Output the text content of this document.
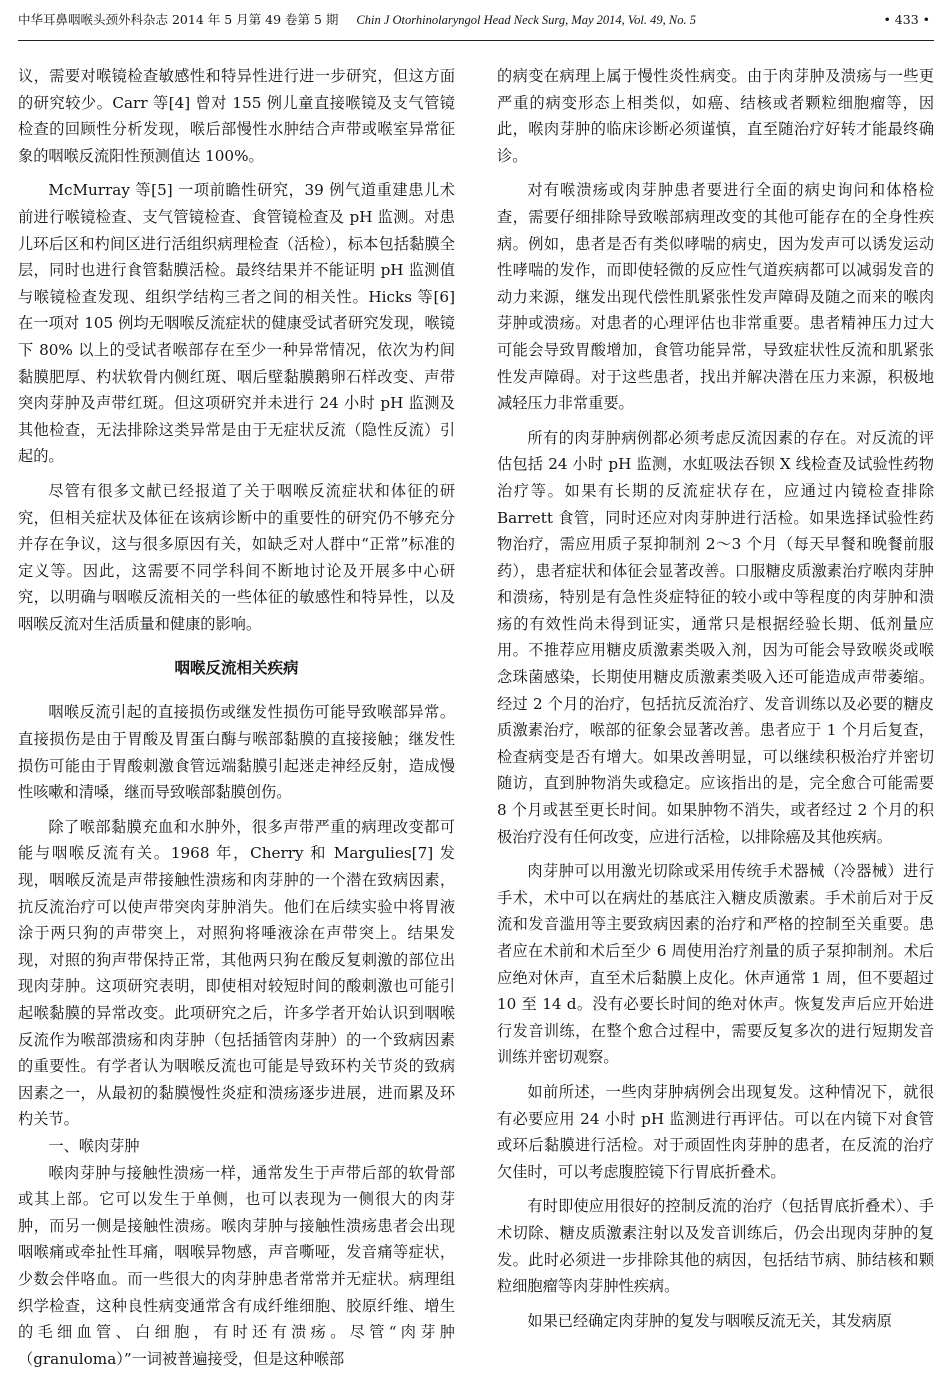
中华耳鼻咽喉头颈外科杂志 2014 年 5 月第 49 卷第 5 期 Chin J Otorhinolaryngol Head Neck Surg, May 2014, Vol. 49, No. 5	• 433 •

议，需要对喉镜检查敏感性和特异性进行进一步研究，但这方面的研究较少。Carr 等[4] 曾对 155 例儿童直接喉镜及支气管镜检查的回顾性分析发现，喉后部慢性水肿结合声带或喉室异常征象的咽喉反流阳性预测值达 100%。

McMurray 等[5] 一项前瞻性研究，39 例气道重建患儿术前进行喉镜检查、支气管镜检查、食管镜检查及 pH 监测。对患儿环后区和杓间区进行活组织病理检查（活检），标本包括黏膜全层，同时也进行食管黏膜活检。最终结果并不能证明 pH 监测值与喉镜检查发现、组织学结构三者之间的相关性。Hicks 等[6] 在一项对 105 例均无咽喉反流症状的健康受试者研究发现，喉镜下 80% 以上的受试者喉部存在至少一种异常情况，依次为杓间黏膜肥厚、杓状软骨内侧红斑、咽后壁黏膜鹅卵石样改变、声带突肉芽肿及声带红斑。但这项研究并未进行 24 小时 pH 监测及其他检查，无法排除这类异常是由于无症状反流（隐性反流）引起的。

尽管有很多文献已经报道了关于咽喉反流症状和体征的研究，但相关症状及体征在该病诊断中的重要性的研究仍不够充分并存在争议，这与很多原因有关，如缺乏对人群中“正常”标准的定义等。因此，这需要不同学科间不断地讨论及开展多中心研究，以明确与咽喉反流相关的一些体征的敏感性和特异性，以及咽喉反流对生活质量和健康的影响。

咽喉反流相关疾病

咽喉反流引起的直接损伤或继发性损伤可能导致喉部异常。直接损伤是由于胃酸及胃蛋白酶与喉部黏膜的直接接触；继发性损伤可能由于胃酸刺激食管远端黏膜引起迷走神经反射，造成慢性咳嗽和清嗓，继而导致喉部黏膜创伤。

除了喉部黏膜充血和水肿外，很多声带严重的病理改变都可能与咽喉反流有关。1968 年，Cherry 和 Margulies[7] 发现，咽喉反流是声带接触性溃疡和肉芽肿的一个潜在致病因素，抗反流治疗可以使声带突肉芽肿消失。他们在后续实验中将胃液涂于两只狗的声带突上，对照狗将唾液涂在声带突上。结果发现，对照的狗声带保持正常，其他两只狗在酸反复刺激的部位出现肉芽肿。这项研究表明，即使相对较短时间的酸刺激也可能引起喉黏膜的异常改变。此项研究之后，许多学者开始认识到咽喉反流作为喉部溃疡和肉芽肿（包括插管肉芽肿）的一个致病因素的重要性。有学者认为咽喉反流也可能是导致环杓关节炎的致病因素之一，从最初的黏膜慢性炎症和溃疡逐步进展，进而累及环杓关节。

一、喉肉芽肿

喉肉芽肿与接触性溃疡一样，通常发生于声带后部的软骨部或其上部。它可以发生于单侧，也可以表现为一侧很大的肉芽肿，而另一侧是接触性溃疡。喉肉芽肿与接触性溃疡患者会出现咽喉痛或牵扯性耳痛，咽喉异物感，声音嘶哑，发音痛等症状，少数会伴咯血。而一些很大的肉芽肿患者常常并无症状。病理组织学检查，这种良性病变通常含有成纤维细胞、胶原纤维、增生的毛细血管、白细胞，有时还有溃疡。尽管“肉芽肿（granuloma）”一词被普遍接受，但是这种喉部

的病变在病理上属于慢性炎性病变。由于肉芽肿及溃疡与一些更严重的病变形态上相类似，如癌、结核或者颗粒细胞瘤等，因此，喉肉芽肿的临床诊断必须谨慎，直至随治疗好转才能最终确诊。

对有喉溃疡或肉芽肿患者要进行全面的病史询问和体格检查，需要仔细排除导致喉部病理改变的其他可能存在的全身性疾病。例如，患者是否有类似哮喘的病史，因为发声可以诱发运动性哮喘的发作，而即使轻微的反应性气道疾病都可以减弱发音的动力来源，继发出现代偿性肌紧张性发声障碍及随之而来的喉肉芽肿或溃疡。对患者的心理评估也非常重要。患者精神压力过大可能会导致胃酸增加，食管功能异常，导致症状性反流和肌紧张性发声障碍。对于这些患者，找出并解决潜在压力来源，积极地减轻压力非常重要。

所有的肉芽肿病例都必须考虑反流因素的存在。对反流的评估包括 24 小时 pH 监测，水虹吸法吞钡 X 线检查及试验性药物治疗等。如果有长期的反流症状存在，应通过内镜检查排除 Barrett 食管，同时还应对肉芽肿进行活检。如果选择试验性药物治疗，需应用质子泵抑制剂 2～3 个月（每天早餐和晚餐前服药），患者症状和体征会显著改善。口服糖皮质激素治疗喉肉芽肿和溃疡，特别是有急性炎症特征的较小或中等程度的肉芽肿和溃疡的有效性尚未得到证实，通常只是根据经验长期、低剂量应用。不推荐应用糖皮质激素类吸入剂，因为可能会导致喉炎或喉念珠菌感染，长期使用糖皮质激素类吸入还可能造成声带萎缩。经过 2 个月的治疗，包括抗反流治疗、发音训练以及必要的糖皮质激素治疗，喉部的征象会显著改善。患者应于 1 个月后复查，检查病变是否有增大。如果改善明显，可以继续积极治疗并密切随访，直到肿物消失或稳定。应该指出的是，完全愈合可能需要 8 个月或甚至更长时间。如果肿物不消失，或者经过 2 个月的积极治疗没有任何改变，应进行活检，以排除癌及其他疾病。

肉芽肿可以用激光切除或采用传统手术器械（冷器械）进行手术，术中可以在病灶的基底注入糖皮质激素。手术前后对于反流和发音滥用等主要致病因素的治疗和严格的控制至关重要。患者应在术前和术后至少 6 周使用治疗剂量的质子泵抑制剂。术后应绝对休声，直至术后黏膜上皮化。休声通常 1 周，但不要超过 10 至 14 d。没有必要长时间的绝对休声。恢复发声后应开始进行发音训练，在整个愈合过程中，需要反复多次的进行短期发音训练并密切观察。

如前所述，一些肉芽肿病例会出现复发。这种情况下，就很有必要应用 24 小时 pH 监测进行再评估。可以在内镜下对食管或环后黏膜进行活检。对于顽固性肉芽肿的患者，在反流的治疗欠佳时，可以考虑腹腔镜下行胃底折叠术。

有时即使应用很好的控制反流的治疗（包括胃底折叠术）、手术切除、糖皮质激素注射以及发音训练后，仍会出现肉芽肿的复发。此时必须进一步排除其他的病因，包括结节病、肺结核和颗粒细胞瘤等肉芽肿性疾病。

如果已经确定肉芽肿的复发与咽喉反流无关，其发病原
